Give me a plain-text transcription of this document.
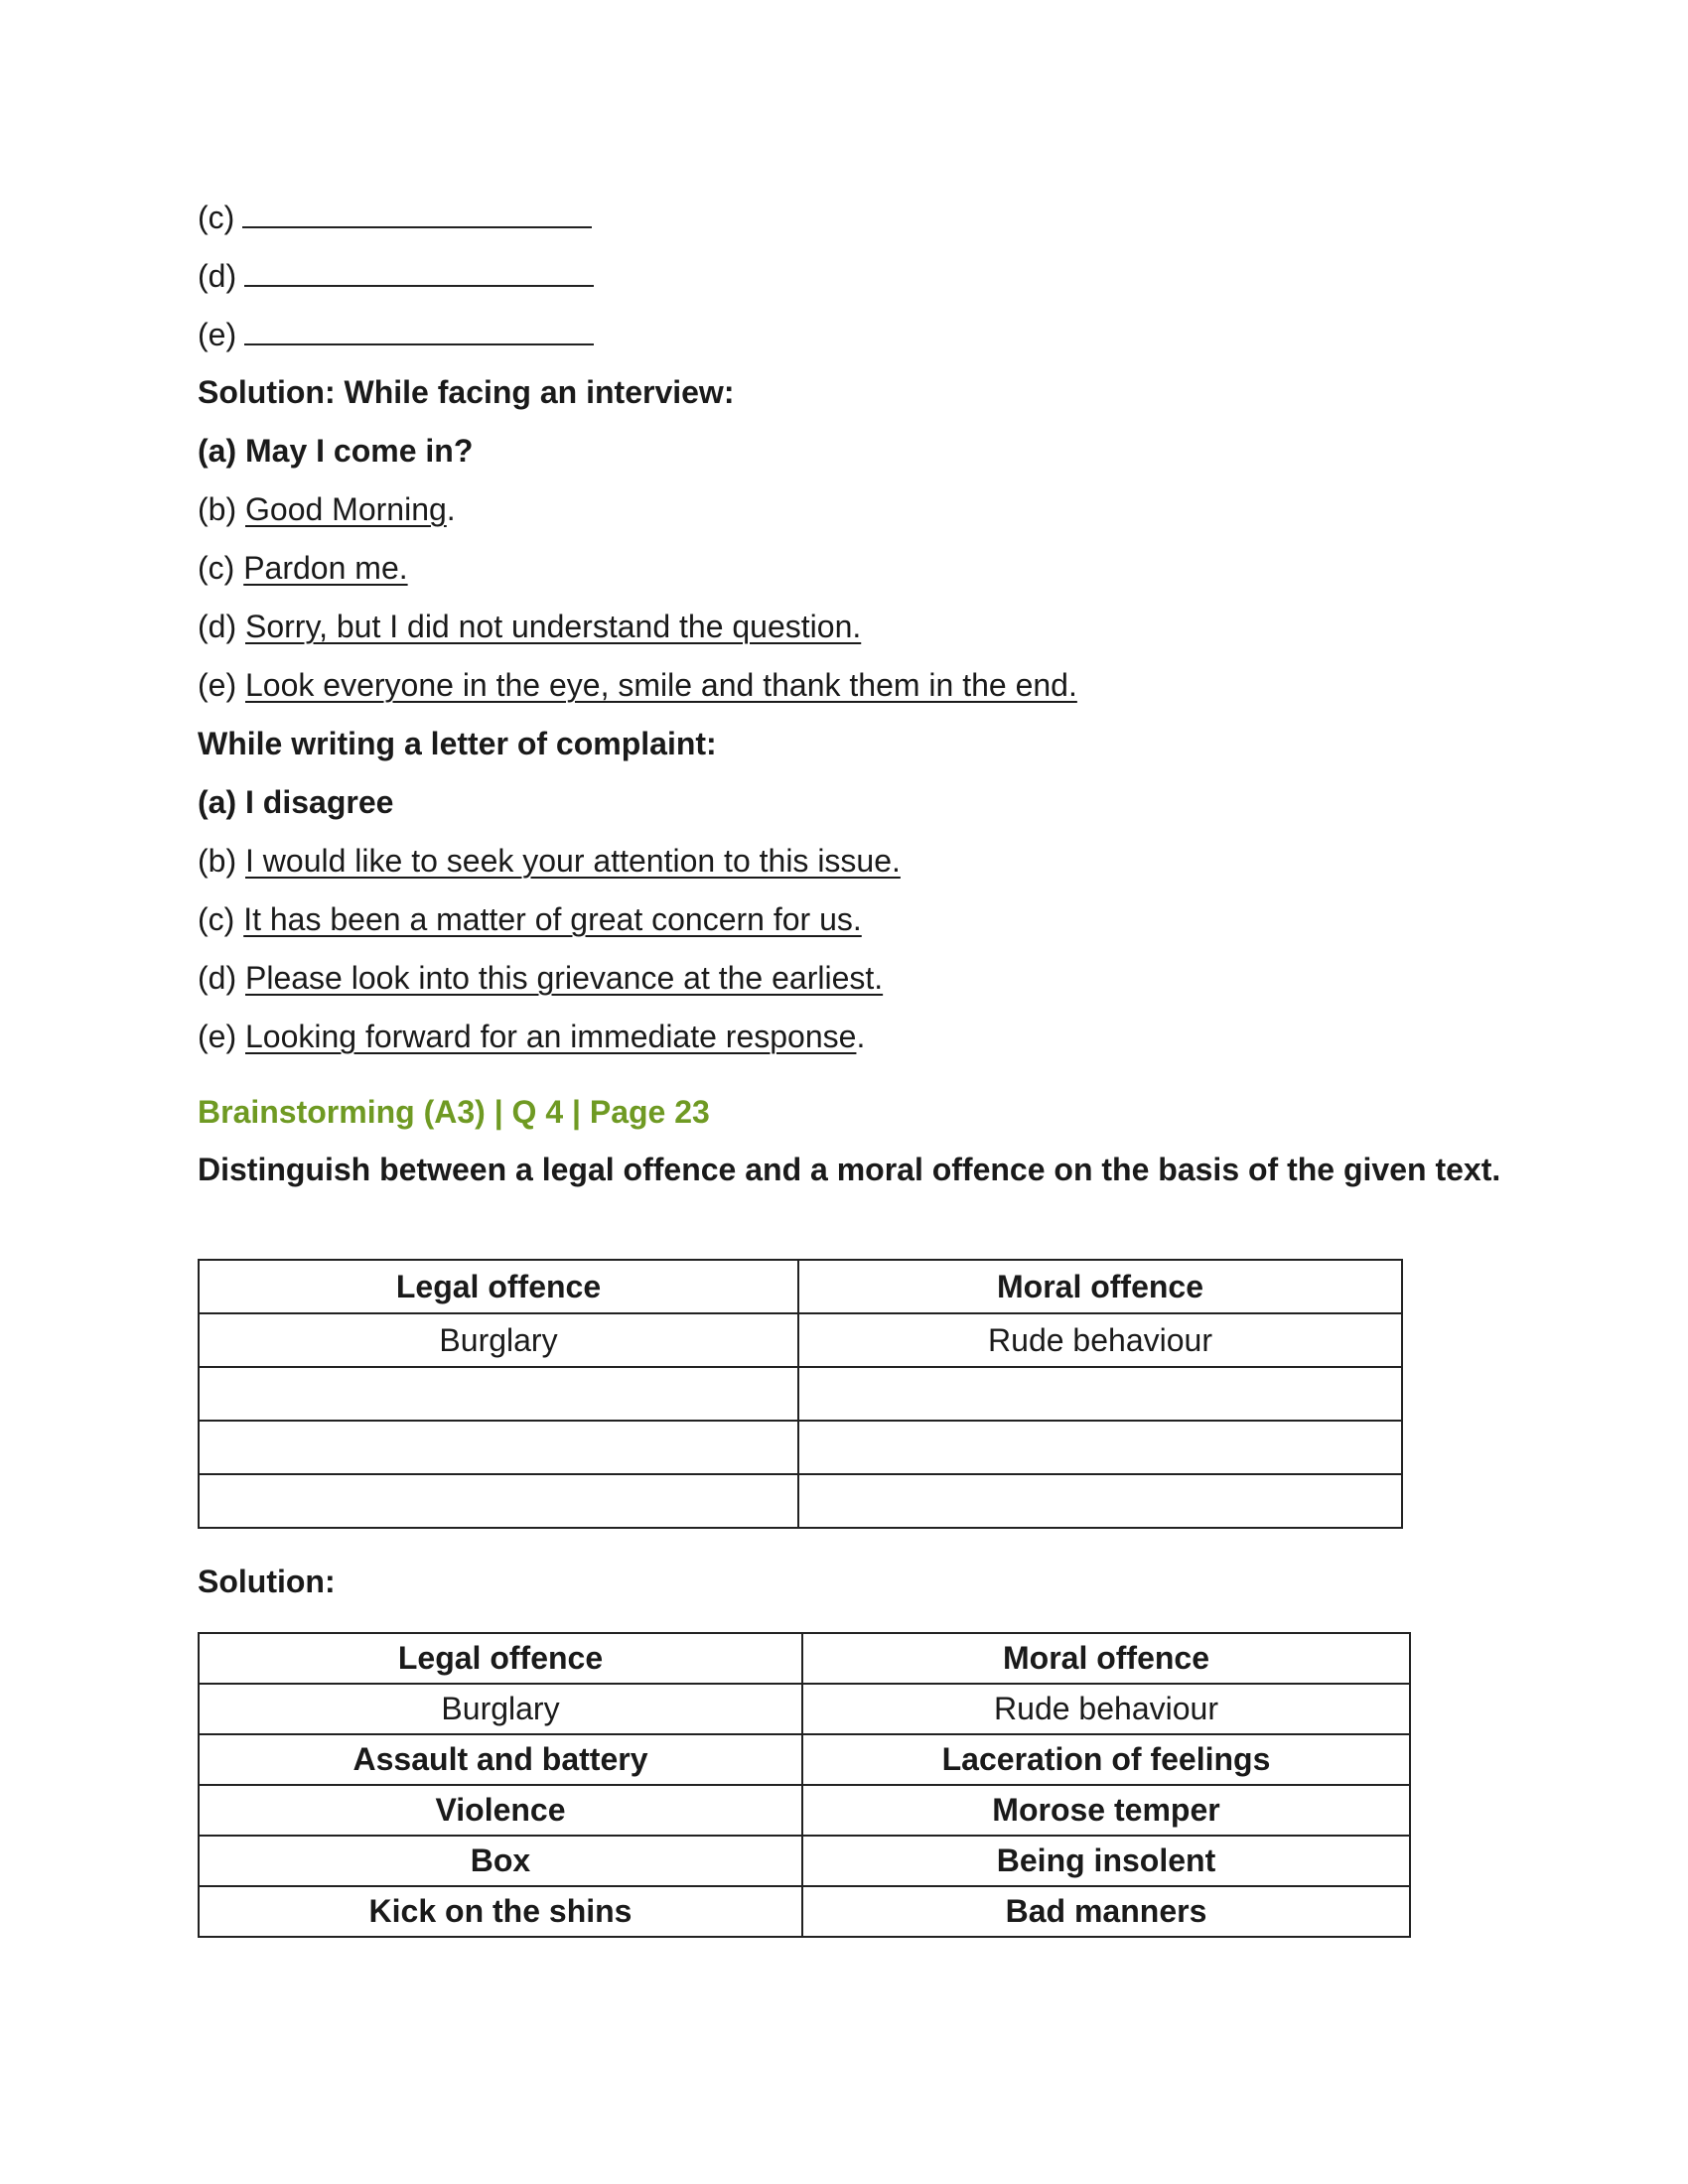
(c)

(d)

(e)

Solution: While facing an interview:

(a) May I come in?

(b) Good Morning.

(c) Pardon me.

(d) Sorry, but I did not understand the question.

(e) Look everyone in the eye, smile and thank them in the end.

While writing a letter of complaint:

(a) I disagree

(b) I would like to seek your attention to this issue.

(c) It has been a matter of great concern for us.

(d) Please look into this grievance at the earliest.

(e) Looking forward for an immediate response.

Brainstorming (A3) | Q 4 | Page 23

Distinguish between a legal offence and a moral offence on the basis of the given text.

Legal offence	Moral offence
Burglary	Rude behaviour

Solution:

Legal offence	Moral offence
Burglary	Rude behaviour
Assault and battery	Laceration of feelings
Violence	Morose temper
Box	Being insolent
Kick on the shins	Bad manners
